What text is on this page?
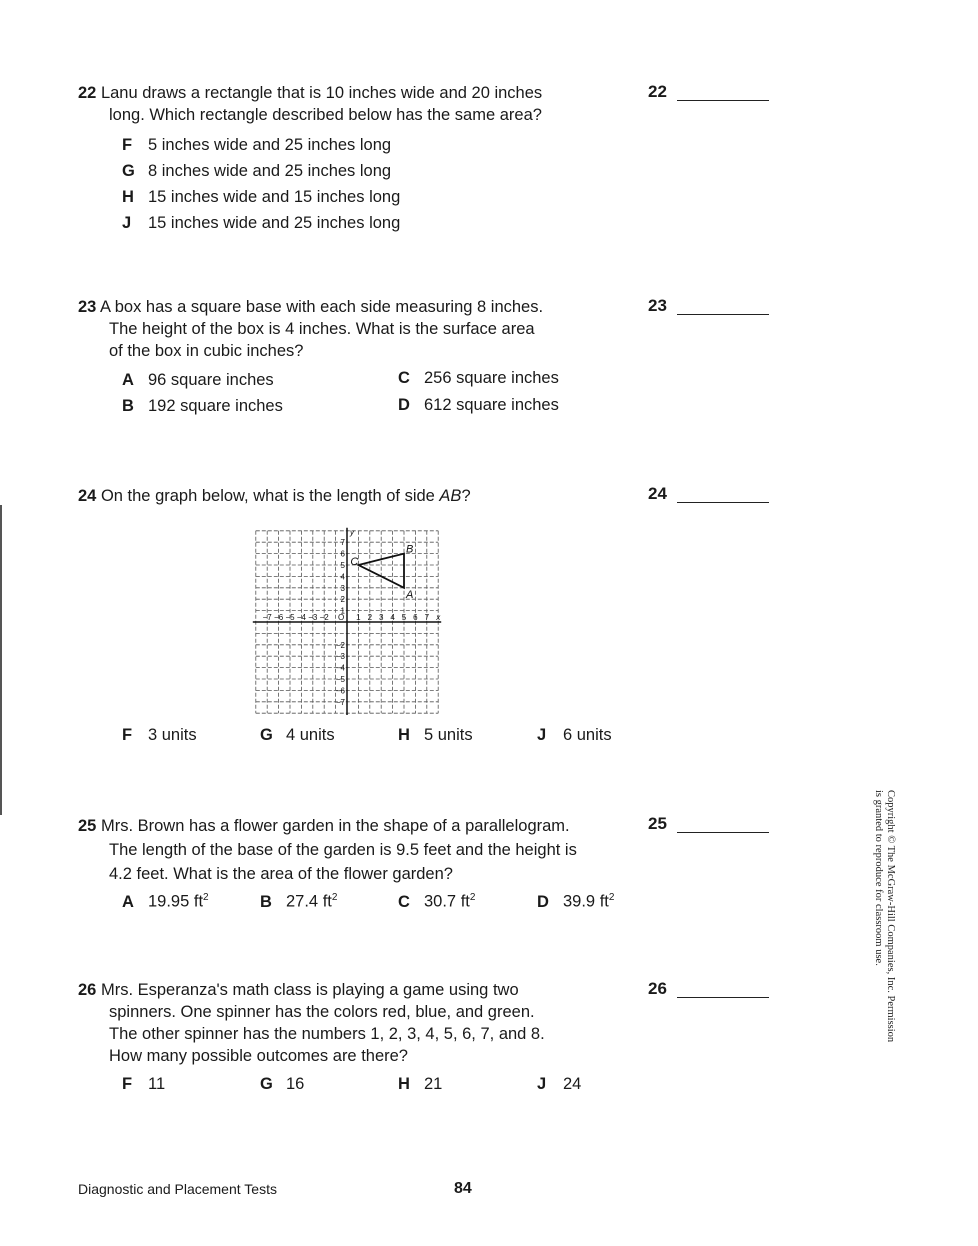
22 Lanu draws a rectangle that is 10 inches wide and 20 inches
long. Which rectangle described below has the same area?
22
F 5 inches wide and 25 inches long
G 8 inches wide and 25 inches long
H 15 inches wide and 15 inches long
J 15 inches wide and 25 inches long
23 A box has a square base with each side measuring 8 inches.
The height of the box is 4 inches. What is the surface area
of the box in cubic inches?
23
A 96 square inches
B 192 square inches
C 256 square inches
D 612 square inches
24 On the graph below, what is the length of side AB?	24
−7
−7
−6
−6
−5
−5
−4
−4
−3
−3
−2
−2
1
1
2
2
3
3
4
4
5
5
6
6
7
7
O	x
y
A
B
C
F 3 units	G 4 units	H 5 units	J 6 units
25 Mrs. Brown has a flower garden in the shape of a parallelogram.
The length of the base of the garden is 9.5 feet and the height is
4.2 feet. What is the area of the flower garden?
25
A 19.95 $ft^2$	B 27.4 $ft^2$	C 30.7 $ft^2$	D 39.9 $ft^2$
26 Mrs. Esperanza's math class is playing a game using two
spinners. One spinner has the colors red, blue, and green.
The other spinner has the numbers 1, 2, 3, 4, 5, 6, 7, and 8.
How many possible outcomes are there?
26
F 11	G 16	H 21	J 24
Copyright © The McGraw-Hill Companies, Inc. Permission
is granted to reproduce for classroom use.
Diagnostic and Placement Tests	84
